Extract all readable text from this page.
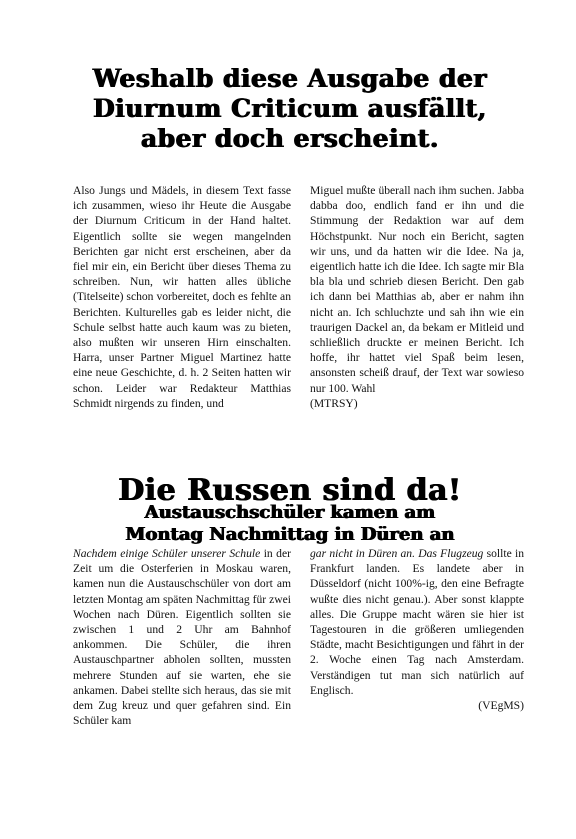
Weshalb diese Ausgabe der Diurnum Criticum ausfällt, aber doch erscheint.

Also Jungs und Mädels, in diesem Text fasse ich zusammen, wieso ihr Heute die Ausgabe der Diurnum Criticum in der Hand haltet. Eigentlich sollte sie wegen mangelnden Berichten gar nicht erst erscheinen, aber da fiel mir ein, ein Bericht über dieses Thema zu schreiben. Nun, wir hatten alles übliche (Titelseite) schon vorbereitet, doch es fehlte an Berichten. Kulturelles gab es leider nicht, die Schule selbst hatte auch kaum was zu bieten, also mußten wir unseren Hirn einschalten. Harra, unser Partner Miguel Martinez hatte eine neue Geschichte, d. h. 2 Seiten hatten wir schon. Leider war Redakteur Matthias Schmidt nirgends zu finden, und

Miguel mußte überall nach ihm suchen. Jabba dabba doo, endlich fand er ihn und die Stimmung der Redaktion war auf dem Höchstpunkt. Nur noch ein Bericht, sagten wir uns, und da hatten wir die Idee. Na ja, eigentlich hatte ich die Idee. Ich sagte mir Bla bla bla und schrieb diesen Bericht. Den gab ich dann bei Matthias ab, aber er nahm ihn nicht an. Ich schluchzte und sah ihn wie ein traurigen Dackel an, da bekam er Mitleid und schließlich druckte er meinen Bericht. Ich hoffe, ihr hattet viel Spaß beim lesen, ansonsten scheiß drauf, der Text war sowieso nur 100. Wahl

(MTRSY)

Die Russen sind da!
Austauschschüler kamen am
Montag Nachmittag in Düren an

Nachdem einige Schüler unserer Schule in der Zeit um die Osterferien in Moskau waren, kamen nun die Austauschschüler von dort am letzten Montag am späten Nachmittag für zwei Wochen nach Düren. Eigentlich sollten sie zwischen 1 und 2 Uhr am Bahnhof ankommen. Die Schüler, die ihren Austauschpartner abholen sollten, mussten mehrere Stunden auf sie warten, ehe sie ankamen. Dabei stellte sich heraus, das sie mit dem Zug kreuz und quer gefahren sind. Ein Schüler kam

gar nicht in Düren an. Das Flugzeug sollte in Frankfurt landen. Es landete aber in Düsseldorf (nicht 100%-ig, den eine Befragte wußte dies nicht genau.). Aber sonst klappte alles. Die Gruppe macht wären sie hier ist Tagestouren in die größeren umliegenden Städte, macht Besichtigungen und fährt in der 2. Woche einen Tag nach Amsterdam. Verständigen tut man sich natürlich auf Englisch.

(VEgMS)
